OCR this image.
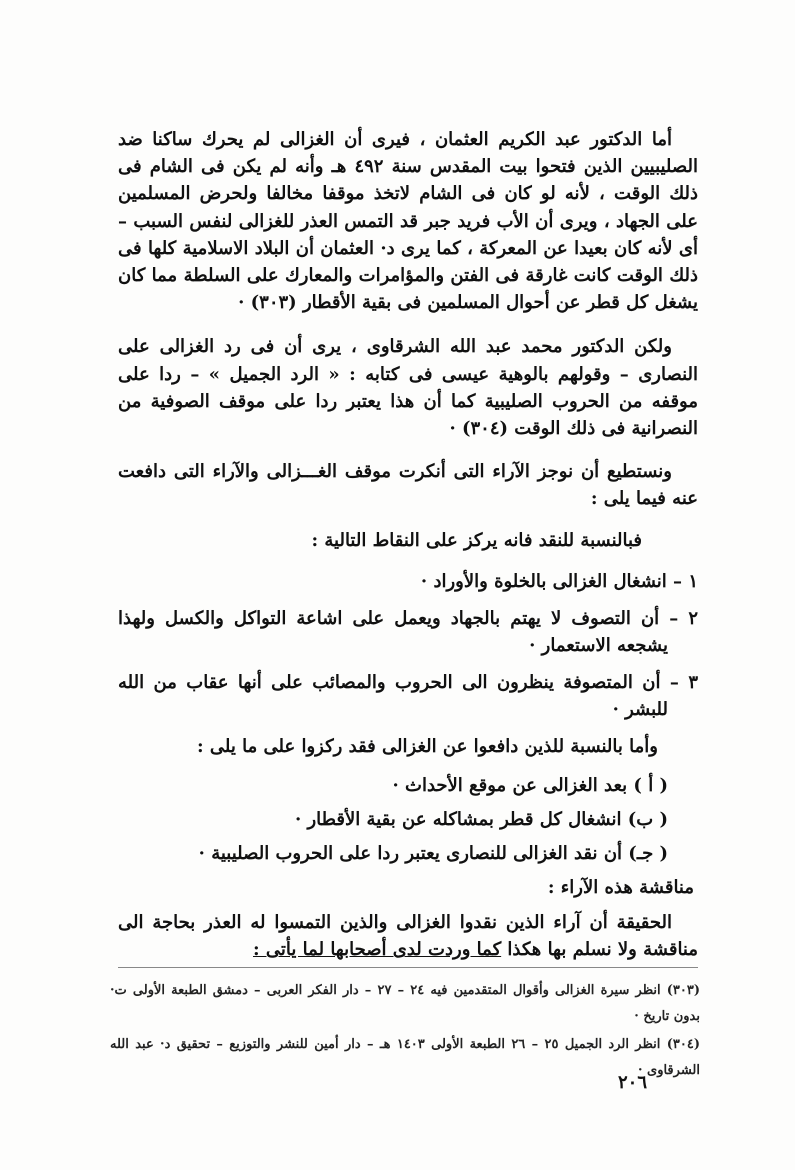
أما الدكتور عبد الكريم العثمان ، فيرى أن الغزالى لم يحرك ساكنا ضد الصليبيين الذين فتحوا بيت المقدس سنة ٤٩٢ هـ وأنه لم يكن فى الشام فى ذلك الوقت ، لأنه لو كان فى الشام لاتخذ موقفا مخالفا ولحرض المسلمين على الجهاد ، ويرى أن الأب فريد جبر قد التمس العذر للغزالى لنفس السبب – أى لأنه كان بعيدا عن المعركة ، كما يرى د· العثمان أن البلاد الاسلامية كلها فى ذلك الوقت كانت غارقة فى الفتن والمؤامرات والمعارك على السلطة مما كان يشغل كل قطر عن أحوال المسلمين فى بقية الأقطار (٣٠٣) ·

ولكن الدكتور محمد عبد الله الشرقاوى ، يرى أن فى رد الغزالى على النصارى – وقولهم بالوهية عيسى فى كتابه : « الرد الجميل » – ردا على موقفه من الحروب الصليبية كما أن هذا يعتبر ردا على موقف الصوفية من النصرانية فى ذلك الوقت (٣٠٤) ·

ونستطيع أن نوجز الآراء التى أنكرت موقف الغـــزالى والآراء التى دافعت عنه فيما يلى :

فبالنسبة للنقد فانه يركز على النقاط التالية :

١ – انشغال الغزالى بالخلوة والأوراد ·

٢ – أن التصوف لا يهتم بالجهاد ويعمل على اشاعة التواكل والكسل ولهذا يشجعه الاستعمار ·

٣ – أن المتصوفة ينظرون الى الحروب والمصائب على أنها عقاب من الله للبشر ·

وأما بالنسبة للذين دافعوا عن الغزالى فقد ركزوا على ما يلى :

( أ ) بعد الغزالى عن موقع الأحداث ·

( ب) انشغال كل قطر بمشاكله عن بقية الأقطار ·

( جـ) أن نقد الغزالى للنصارى يعتبر ردا على الحروب الصليبية ·

مناقشة هذه الآراء :

الحقيقة أن آراء الذين نقدوا الغزالى والذين التمسوا له العذر بحاجة الى مناقشة ولا نسلم بها هكذا كما وردت لدى أصحابها لما يأتى :

(٣٠٣) انظر سيرة الغزالى وأقوال المتقدمين فيه ٢٤ – ٢٧ – دار الفكر العربى – دمشق الطبعة الأولى ت· بدون تاريخ ·

(٣٠٤) انظر الرد الجميل ٢٥ – ٢٦ الطبعة الأولى ١٤٠٣ هـ – دار أمين للنشر والتوزيع – تحقيق د· عبد الله الشرقاوى ·

٢٠٦
